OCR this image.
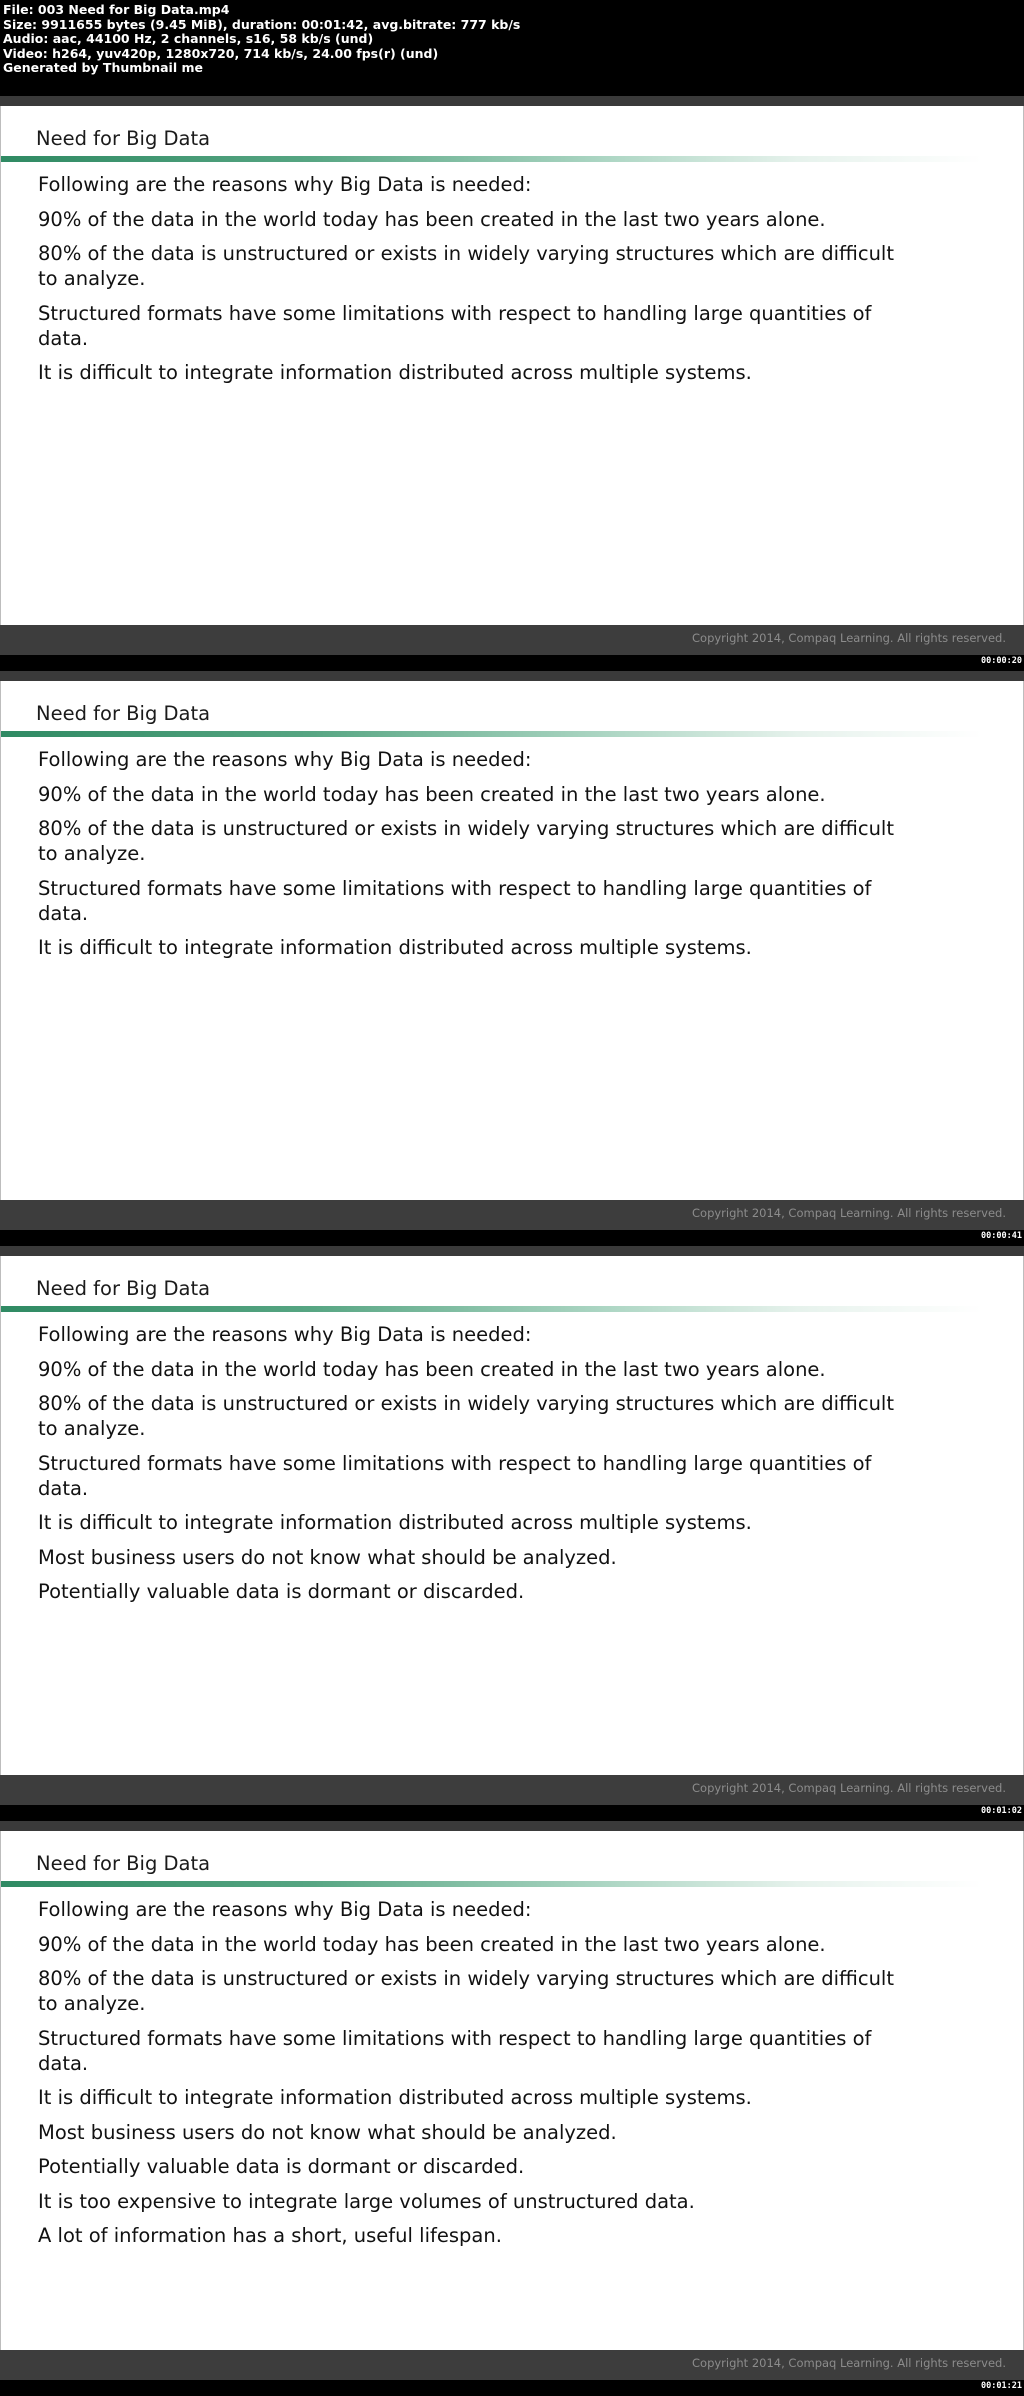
File: 003 Need for Big Data.mp4
Size: 9911655 bytes (9.45 MiB), duration: 00:01:42, avg.bitrate: 777 kb/s
Audio: aac, 44100 Hz, 2 channels, s16, 58 kb/s (und)
Video: h264, yuv420p, 1280x720, 714 kb/s, 24.00 fps(r) (und)
Generated by Thumbnail me
Need for Big Data
Following are the reasons why Big Data is needed:
90% of the data in the world today has been created in the last two years alone.
80% of the data is unstructured or exists in widely varying structures which are difficult to analyze.
Structured formats have some limitations with respect to handling large quantities of data.
It is difficult to integrate information distributed across multiple systems.
Copyright 2014, Compaq Learning. All rights reserved.
00:00:20
Need for Big Data
Following are the reasons why Big Data is needed:
90% of the data in the world today has been created in the last two years alone.
80% of the data is unstructured or exists in widely varying structures which are difficult to analyze.
Structured formats have some limitations with respect to handling large quantities of data.
It is difficult to integrate information distributed across multiple systems.
Copyright 2014, Compaq Learning. All rights reserved.
00:00:41
Need for Big Data
Following are the reasons why Big Data is needed:
90% of the data in the world today has been created in the last two years alone.
80% of the data is unstructured or exists in widely varying structures which are difficult to analyze.
Structured formats have some limitations with respect to handling large quantities of data.
It is difficult to integrate information distributed across multiple systems.
Most business users do not know what should be analyzed.
Potentially valuable data is dormant or discarded.
Copyright 2014, Compaq Learning. All rights reserved.
00:01:02
Need for Big Data
Following are the reasons why Big Data is needed:
90% of the data in the world today has been created in the last two years alone.
80% of the data is unstructured or exists in widely varying structures which are difficult to analyze.
Structured formats have some limitations with respect to handling large quantities of data.
It is difficult to integrate information distributed across multiple systems.
Most business users do not know what should be analyzed.
Potentially valuable data is dormant or discarded.
It is too expensive to integrate large volumes of unstructured data.
A lot of information has a short, useful lifespan.
Copyright 2014, Compaq Learning. All rights reserved.
00:01:21
